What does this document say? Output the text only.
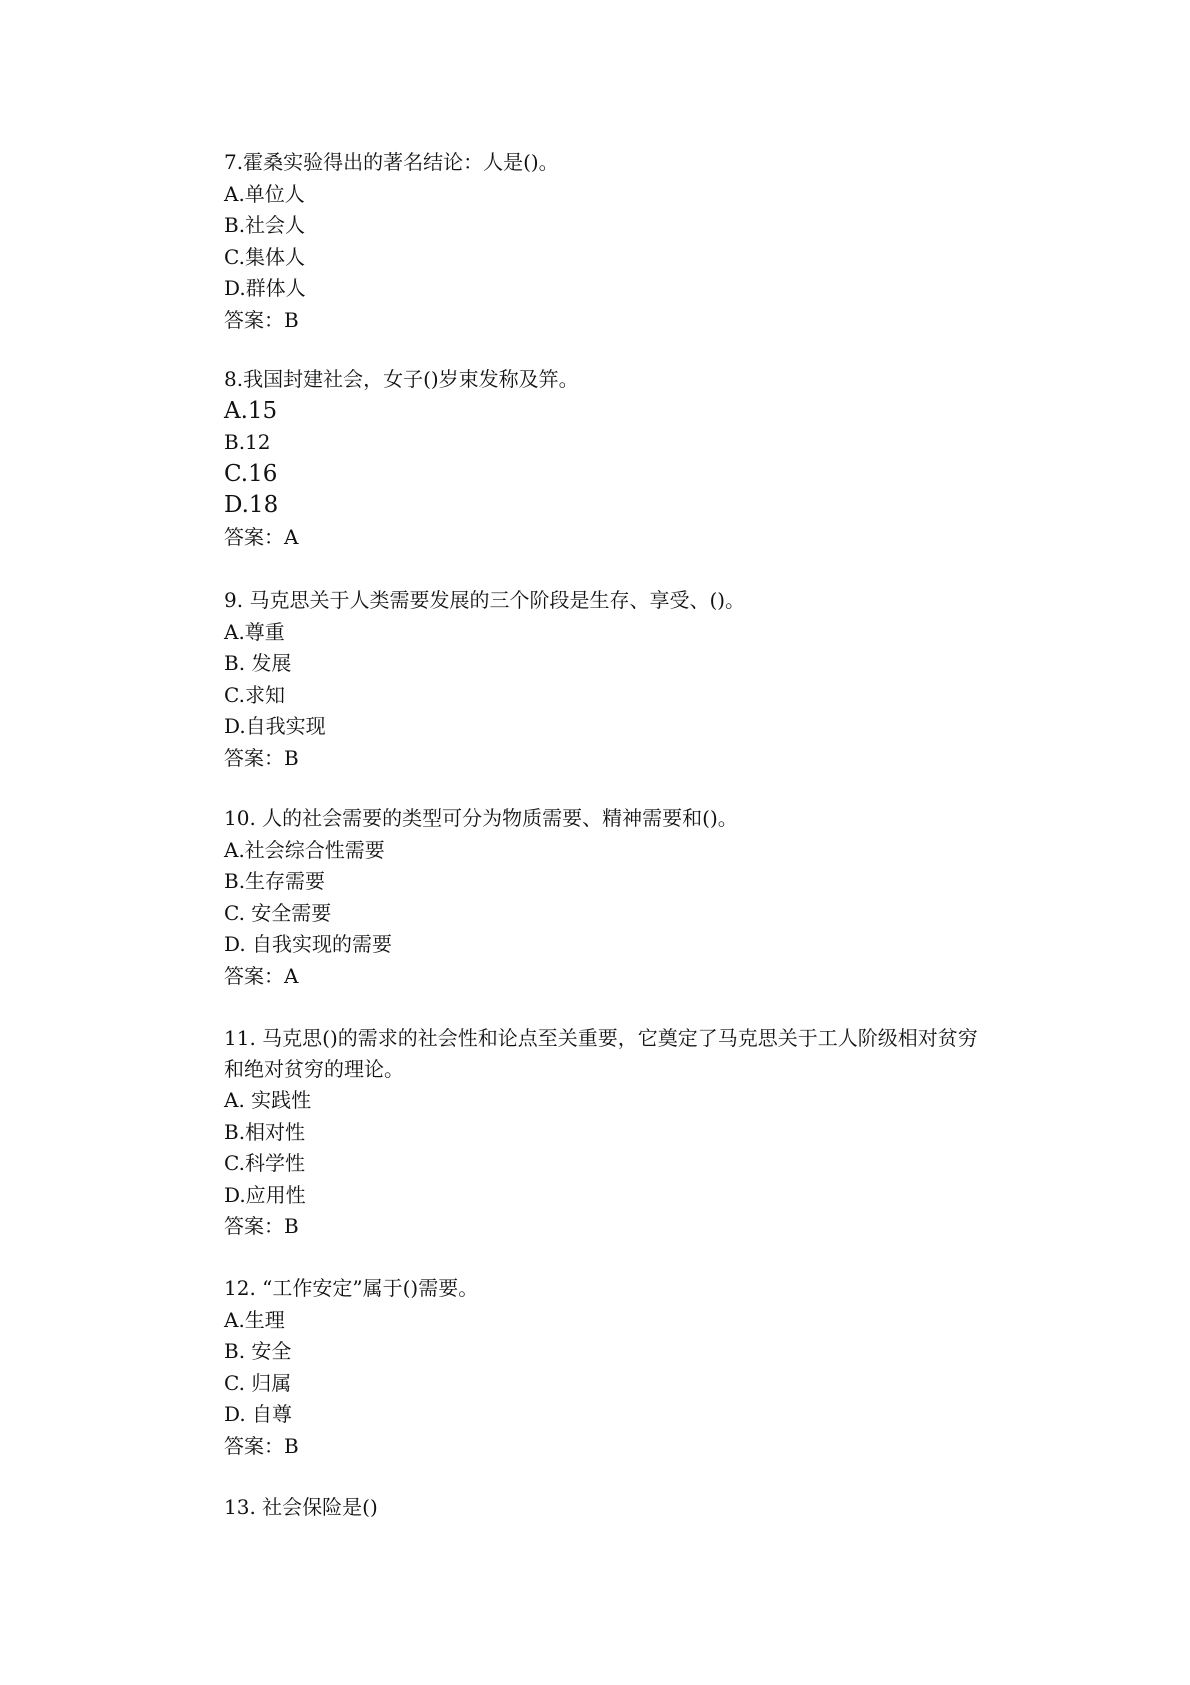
7.霍桑实验得出的著名结论：人是()。
A.单位人
B.社会人
C.集体人
D.群体人
答案：B
8.我国封建社会，女子()岁束发称及笄。
A.15
B.12
C.16
D.18
答案：A
9. 马克思关于人类需要发展的三个阶段是生存、享受、()。
A.尊重
B. 发展
C.求知
D.自我实现
答案：B
10. 人的社会需要的类型可分为物质需要、精神需要和()。
A.社会综合性需要
B.生存需要
C. 安全需要
D. 自我实现的需要
答案：A
11. 马克思()的需求的社会性和论点至关重要，它奠定了马克思关于工人阶级相对贫穷和绝对贫穷的理论。
A. 实践性
B.相对性
C.科学性
D.应用性
答案：B
12. “工作安定”属于()需要。
A.生理
B. 安全
C. 归属
D. 自尊
答案：B
13. 社会保险是()
